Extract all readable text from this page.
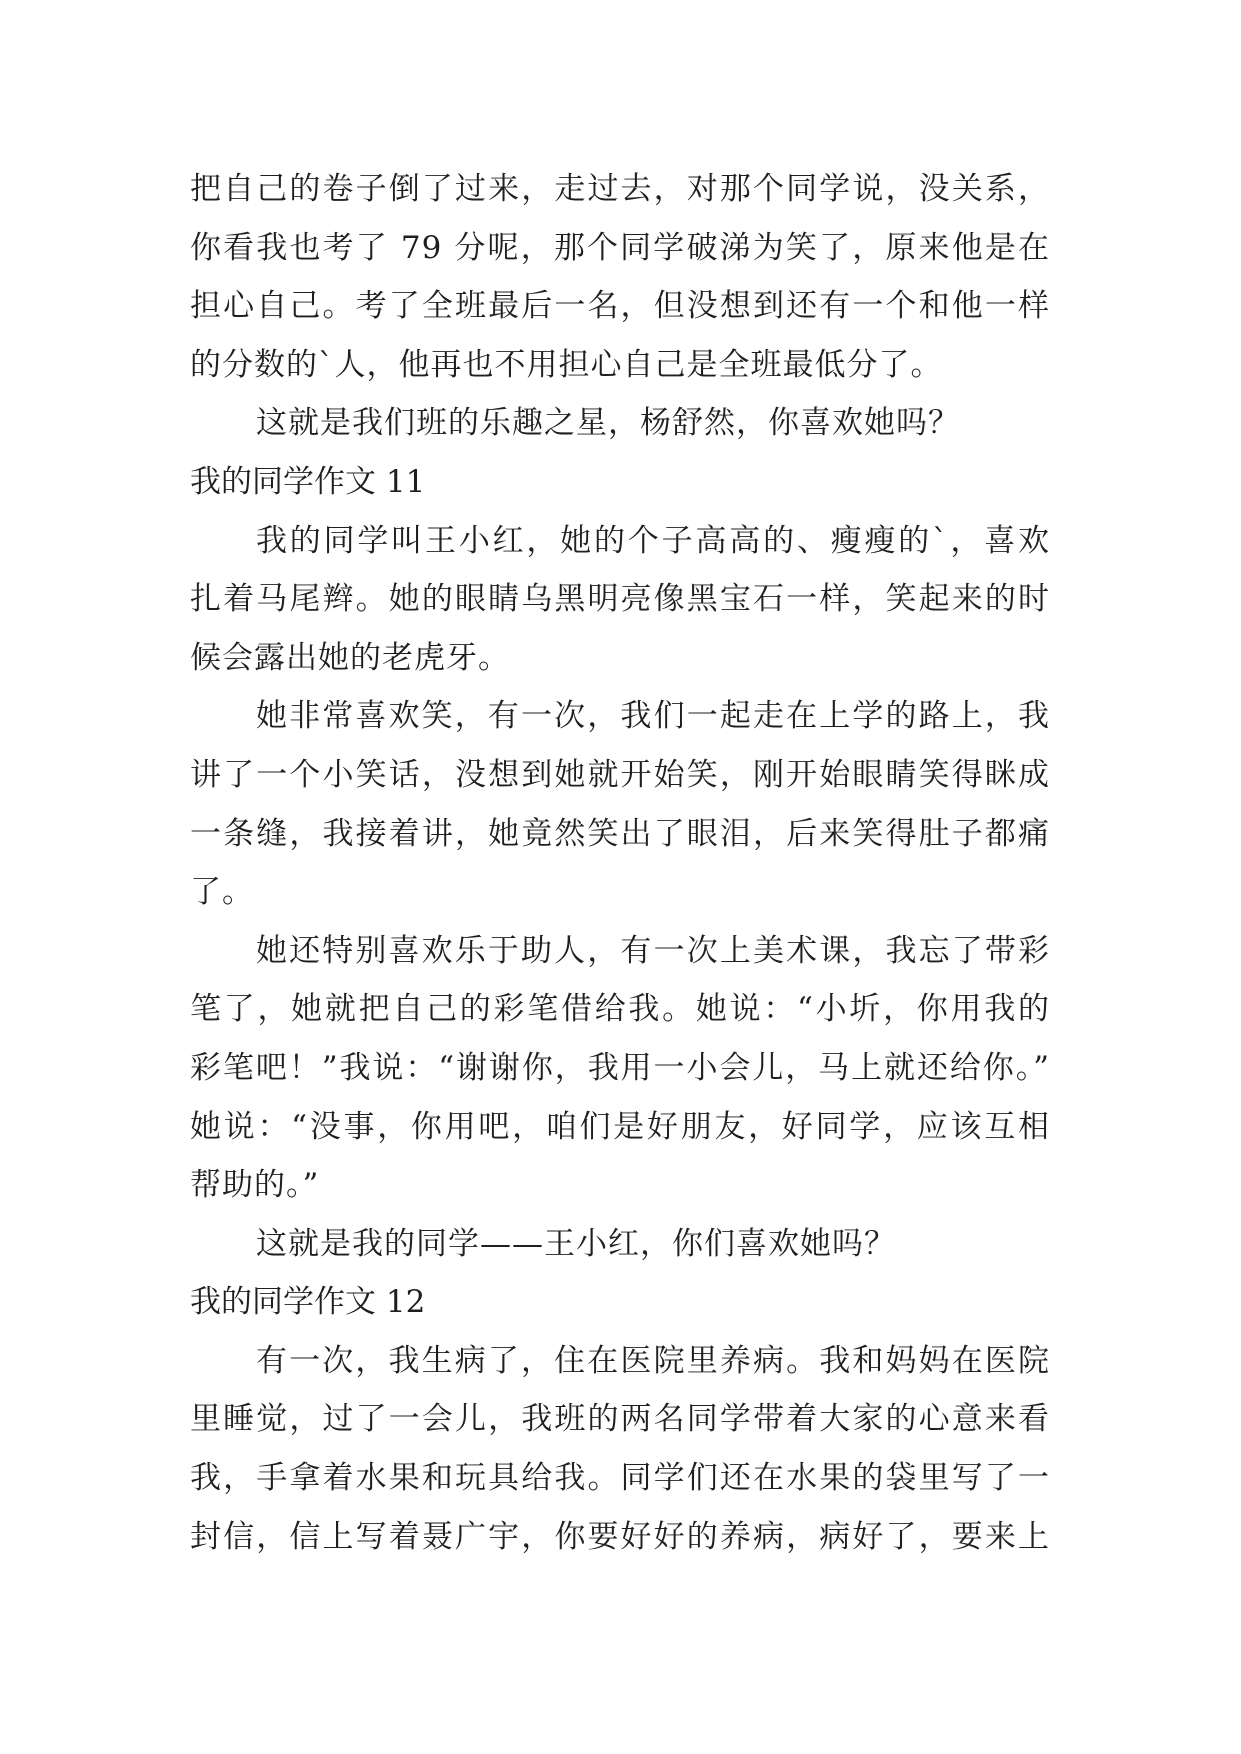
把自己的卷子倒了过来，走过去，对那个同学说，没关系，
你看我也考了 79 分呢，那个同学破涕为笑了，原来他是在
担心自己。考了全班最后一名，但没想到还有一个和他一样
的分数的`人，他再也不用担心自己是全班最低分了。
这就是我们班的乐趣之星，杨舒然，你喜欢她吗？
我的同学作文 11
我的同学叫王小红，她的个子高高的、瘦瘦的`，喜欢
扎着马尾辫。她的眼睛乌黑明亮像黑宝石一样，笑起来的时
候会露出她的老虎牙。
她非常喜欢笑，有一次，我们一起走在上学的路上，我
讲了一个小笑话，没想到她就开始笑，刚开始眼睛笑得眯成
一条缝，我接着讲，她竟然笑出了眼泪，后来笑得肚子都痛
了。
她还特别喜欢乐于助人，有一次上美术课，我忘了带彩
笔了，她就把自己的彩笔借给我。她说：“小圻，你用我的
彩笔吧！”我说：“谢谢你，我用一小会儿，马上就还给你。”
她说：“没事，你用吧，咱们是好朋友，好同学，应该互相
帮助的。”
这就是我的同学——王小红，你们喜欢她吗？
我的同学作文 12
有一次，我生病了，住在医院里养病。我和妈妈在医院
里睡觉，过了一会儿，我班的两名同学带着大家的心意来看
我，手拿着水果和玩具给我。同学们还在水果的袋里写了一
封信，信上写着聂广宇，你要好好的养病，病好了，要来上
